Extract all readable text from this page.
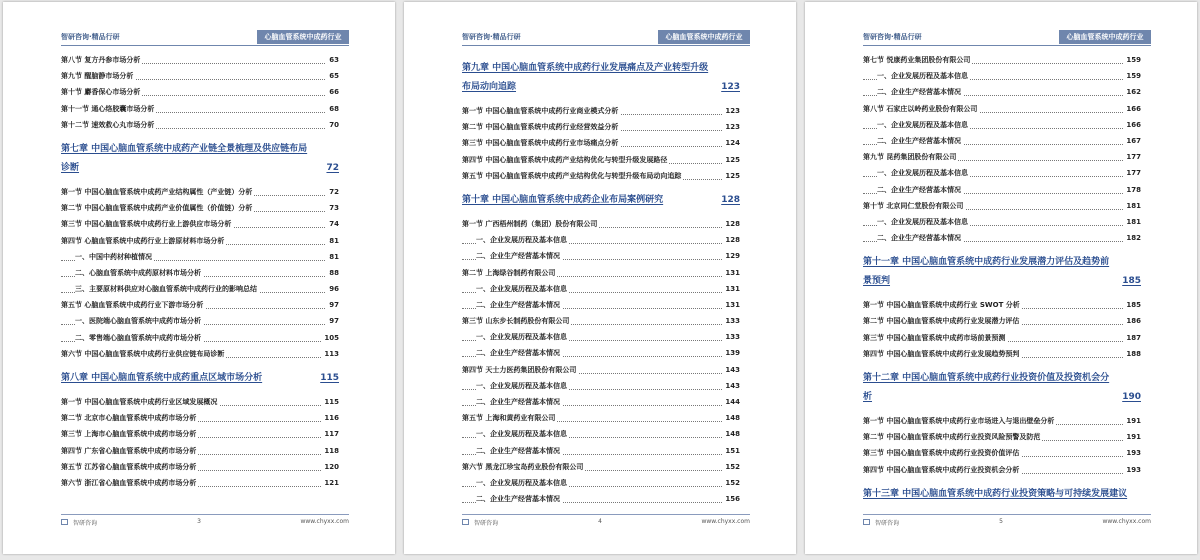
智研咨询·精品行研	心脑血管系统中成药行业
第八节 复方丹参市场分析	63
第九节 醒脑静市场分析	65
第十节 麝香保心市场分析	66
第十一节 通心络胶囊市场分析	68
第十二节 速效救心丸市场分析	70
第七章 中国心脑血管系统中成药产业链全景梳理及供应链布局诊断	72
第一节 中国心脑血管系统中成药产业结构属性（产业链）分析	72
第二节 中国心脑血管系统中成药产业价值属性（价值链）分析	73
第三节 中国心脑血管系统中成药行业上游供应市场分析	74
第四节 心脑血管系统中成药行业上游原材料市场分析	81
一、中国中药材种植情况	81
二、心脑血管系统中成药原材料市场分析	88
三、主要原材料供应对心脑血管系统中成药行业的影响总结	96
第五节 心脑血管系统中成药行业下游市场分析	97
一、医院端心脑血管系统中成药市场分析	97
二、零售端心脑血管系统中成药市场分析	105
第六节 中国心脑血管系统中成药行业供应链布局诊断	113
第八章 中国心脑血管系统中成药重点区域市场分析	115
第一节 中国心脑血管系统中成药行业区域发展概况	115
第二节 北京市心脑血管系统中成药市场分析	116
第三节 上海市心脑血管系统中成药市场分析	117
第四节 广东省心脑血管系统中成药市场分析	118
第五节 江苏省心脑血管系统中成药市场分析	120
第六节 浙江省心脑血管系统中成药市场分析	121
智研咨询	3	www.chyxx.com
智研咨询·精品行研	心脑血管系统中成药行业
第九章 中国心脑血管系统中成药行业发展痛点及产业转型升级布局动向追踪	123
第一节 中国心脑血管系统中成药行业商业模式分析	123
第二节 中国心脑血管系统中成药行业经营效益分析	123
第三节 中国心脑血管系统中成药行业市场痛点分析	124
第四节 中国心脑血管系统中成药产业结构优化与转型升级发展路径	125
第五节 中国心脑血管系统中成药产业结构优化与转型升级布局动向追踪	125
第十章 中国心脑血管系统中成药企业布局案例研究	128
第一节 广西梧州制药（集团）股份有限公司	128
一、企业发展历程及基本信息	128
二、企业生产经营基本情况	129
第二节 上海绿谷制药有限公司	131
一、企业发展历程及基本信息	131
二、企业生产经营基本情况	131
第三节 山东步长制药股份有限公司	133
一、企业发展历程及基本信息	133
二、企业生产经营基本情况	139
第四节 天士力医药集团股份有限公司	143
一、企业发展历程及基本信息	143
二、企业生产经营基本情况	144
第五节 上海和黄药业有限公司	148
一、企业发展历程及基本信息	148
二、企业生产经营基本情况	151
第六节 黑龙江珍宝岛药业股份有限公司	152
一、企业发展历程及基本信息	152
二、企业生产经营基本情况	156
智研咨询	4	www.chyxx.com
智研咨询·精品行研	心脑血管系统中成药行业
第七节 悦康药业集团股份有限公司	159
一、企业发展历程及基本信息	159
二、企业生产经营基本情况	162
第八节 石家庄以岭药业股份有限公司	166
一、企业发展历程及基本信息	166
二、企业生产经营基本情况	167
第九节 昆药集团股份有限公司	177
一、企业发展历程及基本信息	177
二、企业生产经营基本情况	178
第十节 北京同仁堂股份有限公司	181
一、企业发展历程及基本信息	181
二、企业生产经营基本情况	182
第十一章 中国心脑血管系统中成药行业发展潜力评估及趋势前景预判	185
第一节 中国心脑血管系统中成药行业 SWOT 分析	185
第二节 中国心脑血管系统中成药行业发展潜力评估	186
第三节 中国心脑血管系统中成药市场前景预测	187
第四节 中国心脑血管系统中成药行业发展趋势预判	188
第十二章 中国心脑血管系统中成药行业投资价值及投资机会分析	190
第一节 中国心脑血管系统中成药行业市场进入与退出壁垒分析	191
第二节 中国心脑血管系统中成药行业投资风险预警及防范	191
第三节 中国心脑血管系统中成药行业投资价值评估	193
第四节 中国心脑血管系统中成药行业投资机会分析	193
第十三章 中国心脑血管系统中成药行业投资策略与可持续发展建议
智研咨询	5	www.chyxx.com
